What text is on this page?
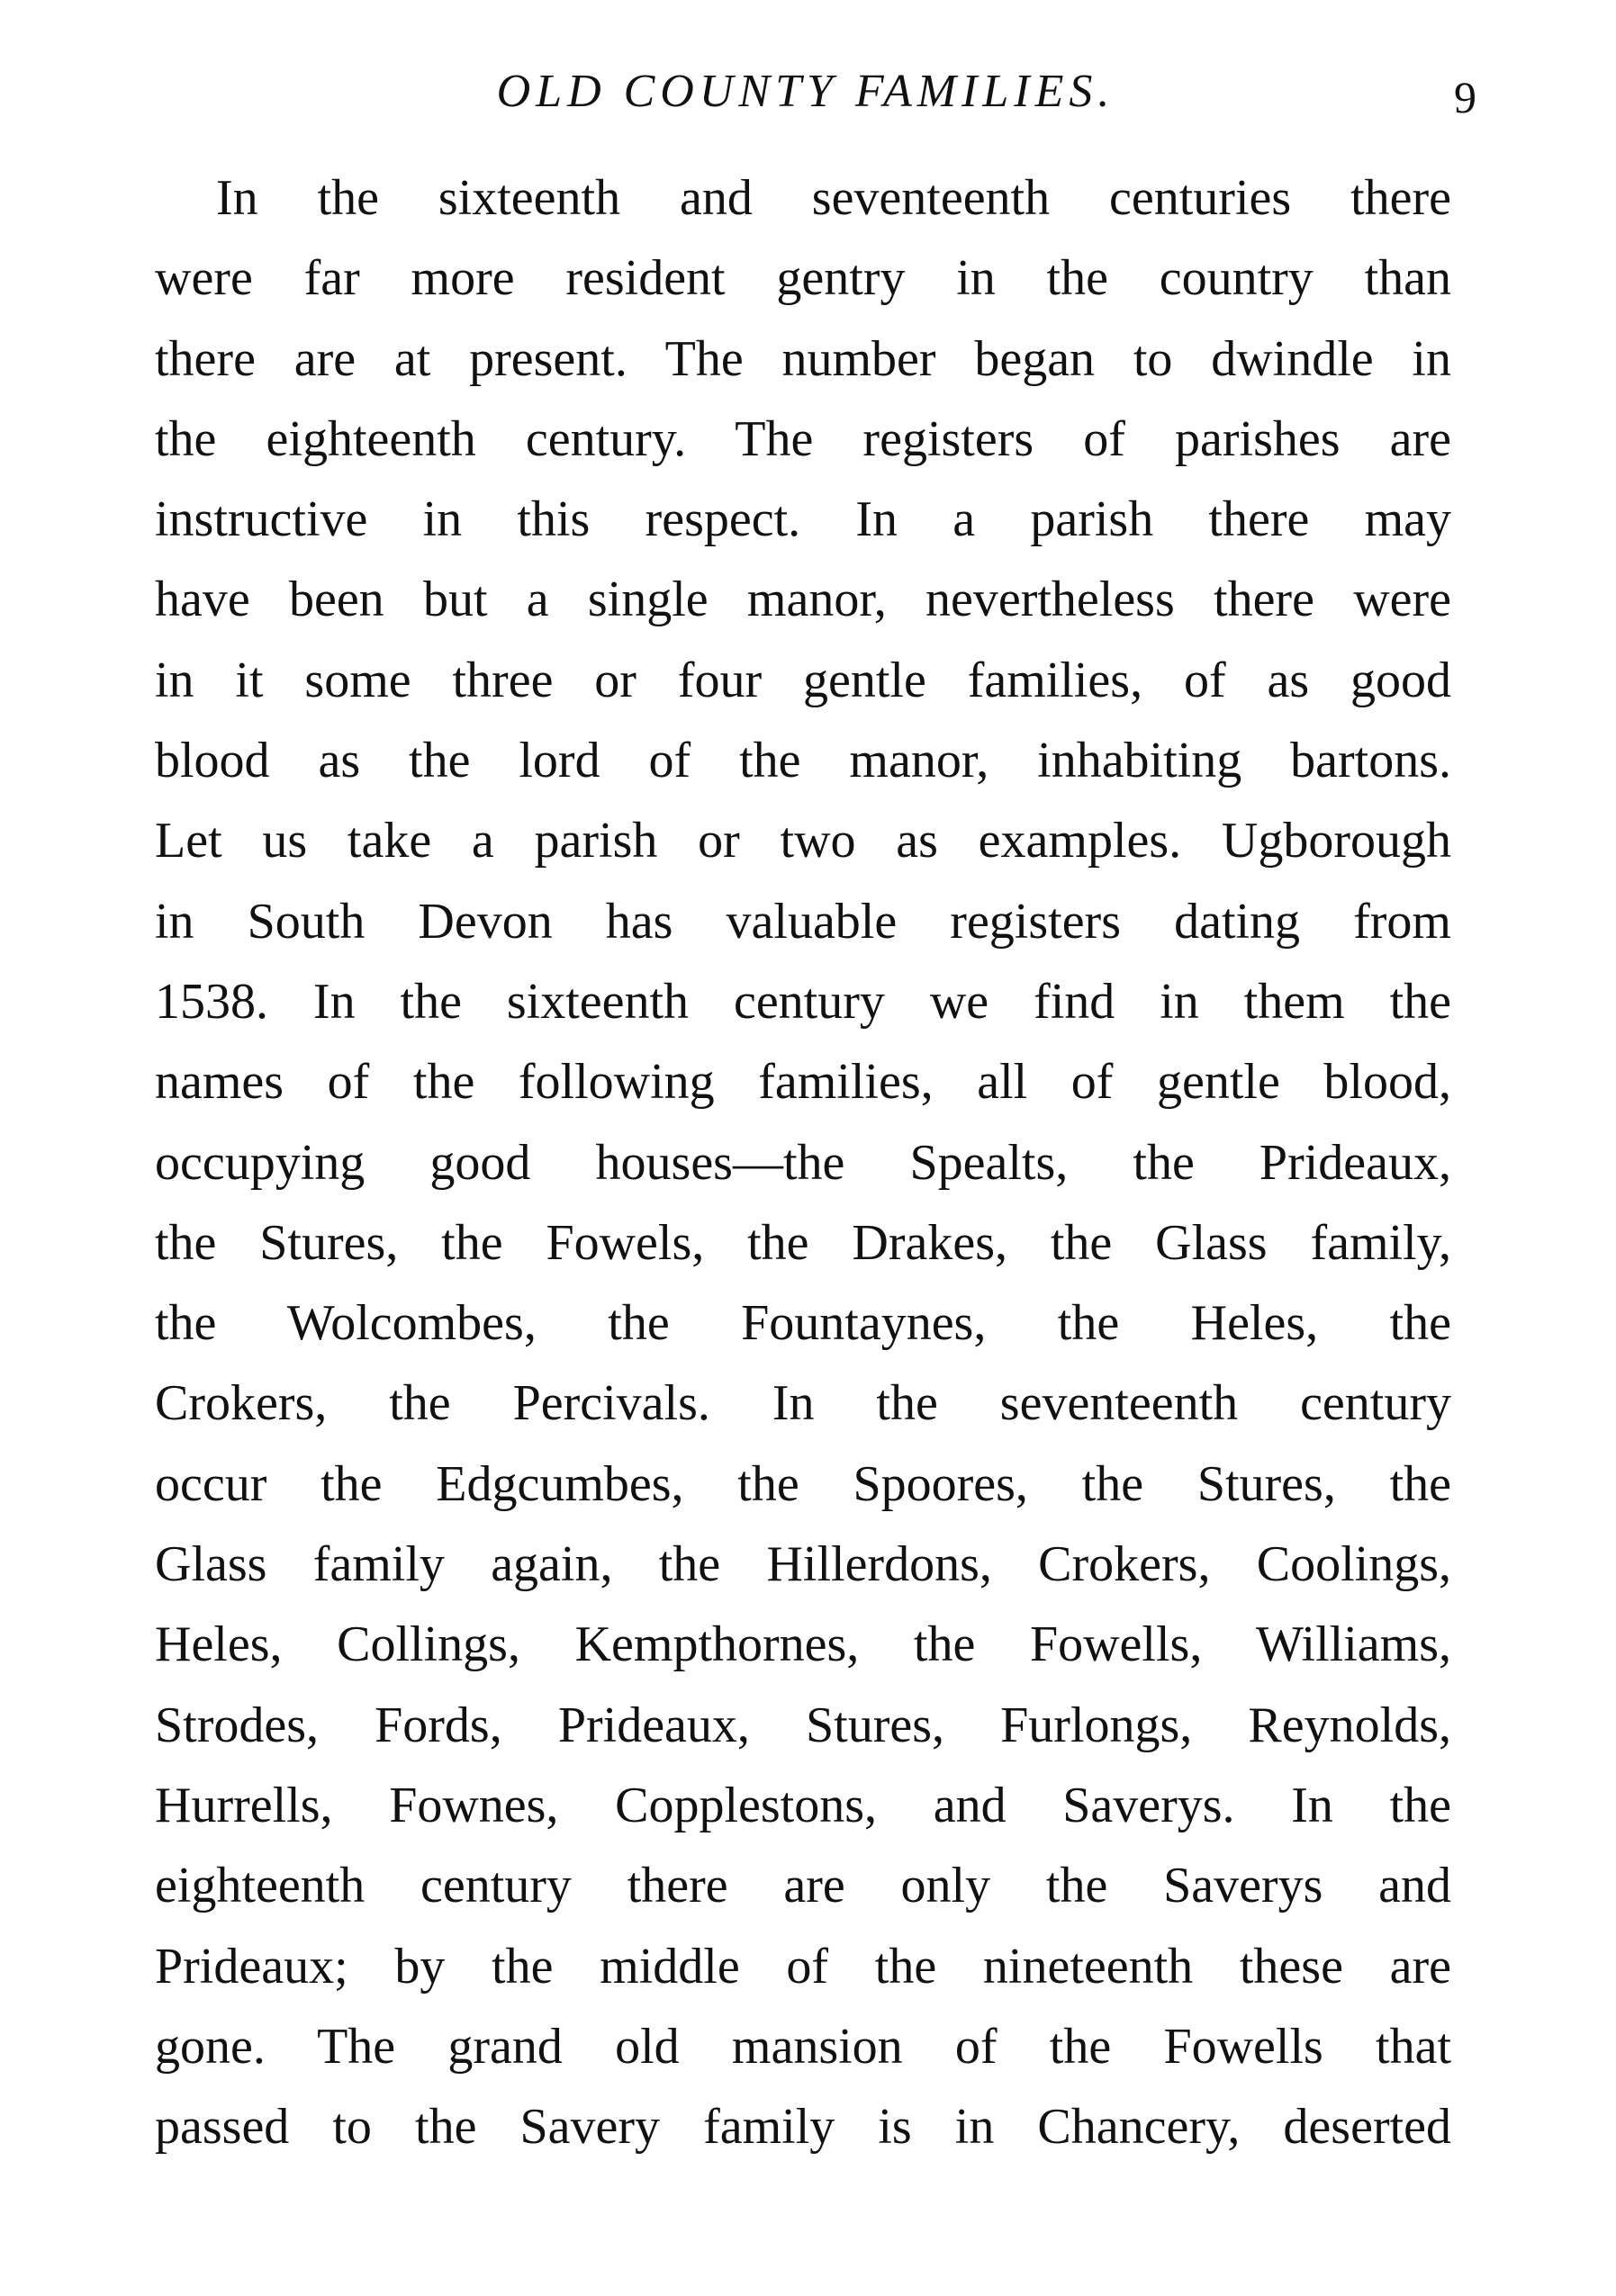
OLD COUNTY FAMILIES.	9
In the sixteenth and seventeenth centuries there
were far more resident gentry in the country than
there are at present. The number began to dwindle in
the eighteenth century. The registers of parishes are
instructive in this respect. In a parish there may
have been but a single manor, nevertheless there were
in it some three or four gentle families, of as good
blood as the lord of the manor, inhabiting bartons.
Let us take a parish or two as examples. Ugborough
in South Devon has valuable registers dating from
1538. In the sixteenth century we find in them the
names of the following families, all of gentle blood,
occupying good houses—the Spealts, the Prideaux,
the Stures, the Fowels, the Drakes, the Glass family,
the Wolcombes, the Fountaynes, the Heles, the
Crokers, the Percivals. In the seventeenth century
occur the Edgcumbes, the Spoores, the Stures, the
Glass family again, the Hillerdons, Crokers, Coolings,
Heles, Collings, Kempthornes, the Fowells, Williams,
Strodes, Fords, Prideaux, Stures, Furlongs, Reynolds,
Hurrells, Fownes, Copplestons, and Saverys. In the
eighteenth century there are only the Saverys and
Prideaux; by the middle of the nineteenth these are
gone. The grand old mansion of the Fowells that
passed to the Savery family is in Chancery, deserted
